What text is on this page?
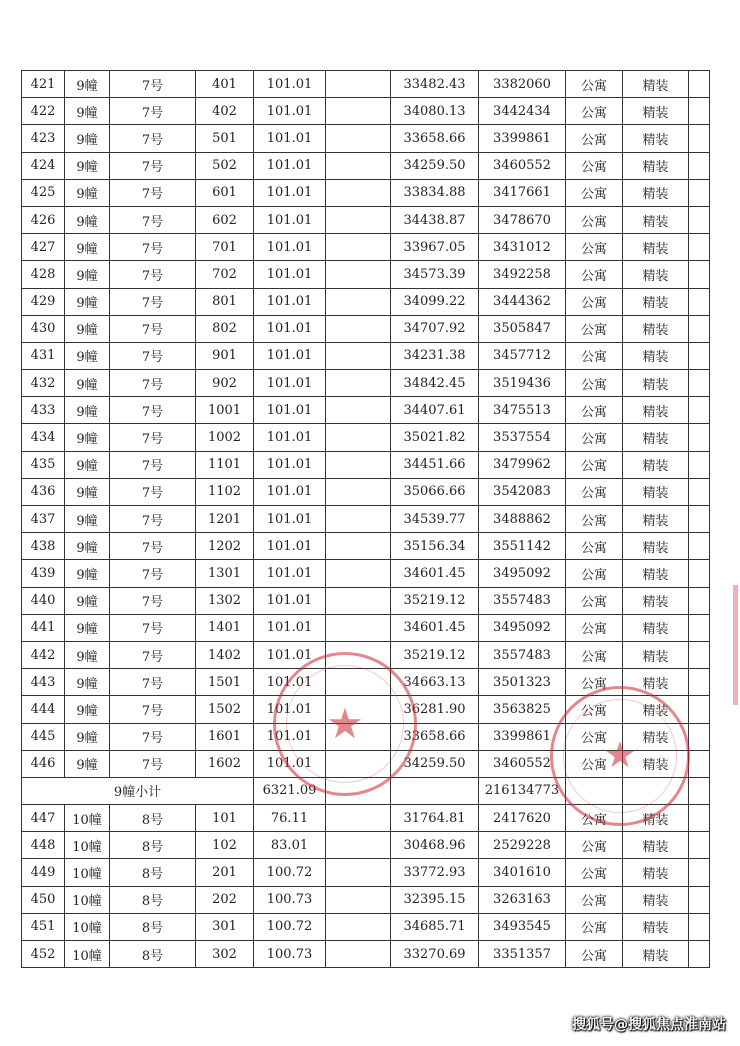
421	9幢	7号	401	101.01		33482.43	3382060	公寓	精装	
422	9幢	7号	402	101.01		34080.13	3442434	公寓	精装	
423	9幢	7号	501	101.01		33658.66	3399861	公寓	精装	
424	9幢	7号	502	101.01		34259.50	3460552	公寓	精装	
425	9幢	7号	601	101.01		33834.88	3417661	公寓	精装	
426	9幢	7号	602	101.01		34438.87	3478670	公寓	精装	
427	9幢	7号	701	101.01		33967.05	3431012	公寓	精装	
428	9幢	7号	702	101.01		34573.39	3492258	公寓	精装	
429	9幢	7号	801	101.01		34099.22	3444362	公寓	精装	
430	9幢	7号	802	101.01		34707.92	3505847	公寓	精装	
431	9幢	7号	901	101.01		34231.38	3457712	公寓	精装	
432	9幢	7号	902	101.01		34842.45	3519436	公寓	精装	
433	9幢	7号	1001	101.01		34407.61	3475513	公寓	精装	
434	9幢	7号	1002	101.01		35021.82	3537554	公寓	精装	
435	9幢	7号	1101	101.01		34451.66	3479962	公寓	精装	
436	9幢	7号	1102	101.01		35066.66	3542083	公寓	精装	
437	9幢	7号	1201	101.01		34539.77	3488862	公寓	精装	
438	9幢	7号	1202	101.01		35156.34	3551142	公寓	精装	
439	9幢	7号	1301	101.01		34601.45	3495092	公寓	精装	
440	9幢	7号	1302	101.01		35219.12	3557483	公寓	精装	
441	9幢	7号	1401	101.01		34601.45	3495092	公寓	精装	
442	9幢	7号	1402	101.01		35219.12	3557483	公寓	精装	
443	9幢	7号	1501	101.01		34663.13	3501323	公寓	精装	
444	9幢	7号	1502	101.01		36281.90	3563825	公寓	精装	
445	9幢	7号	1601	101.01		33658.66	3399861	公寓	精装	
446	9幢	7号	1602	101.01		34259.50	3460552	公寓	精装	
9幢小计				6321.09			216134773			
447	10幢	8号	101	76.11		31764.81	2417620	公寓	精装	
448	10幢	8号	102	83.01		30468.96	2529228	公寓	精装	
449	10幢	8号	201	100.72		33772.93	3401610	公寓	精装	
450	10幢	8号	202	100.73		32395.15	3263163	公寓	精装	
451	10幢	8号	301	100.72		34685.71	3493545	公寓	精装	
452	10幢	8号	302	100.73		33270.69	3351357	公寓	精装	
★
★
搜狐号@搜狐焦点淮南站
